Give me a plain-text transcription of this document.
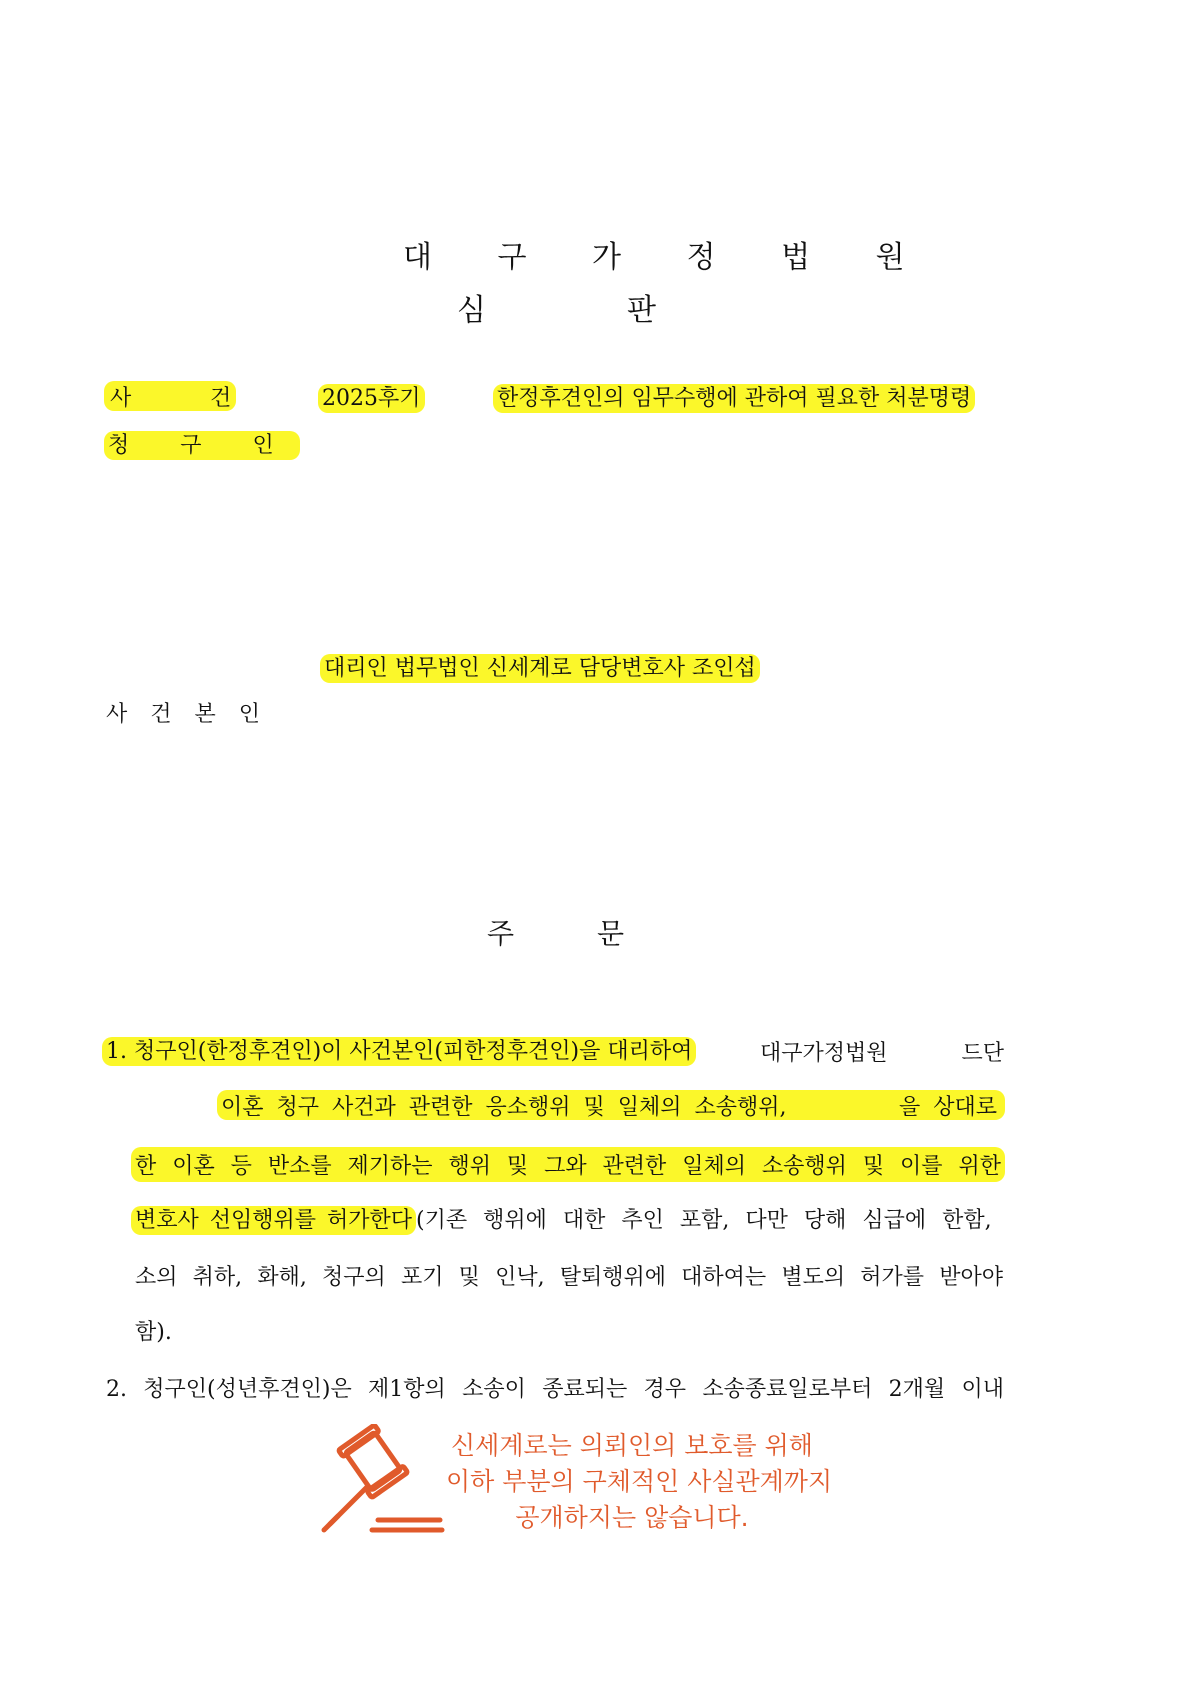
대 구 가 정 법 원
심	판
사	건	2025후기	한정후견인의 임무수행에 관하여 필요한 처분명령
청 구 인
대리인 법무법인 신세계로 담당변호사 조인섭
사 건 본 인
주	문
1. 청구인(한정후견인)이 사건본인(피한정후견인)을 대리하여	대구가정법원	드단
이혼 청구 사건과 관련한 응소행위 및 일체의 소송행위,	을 상대로
한 이혼 등 반소를 제기하는 행위 및 그와 관련한 일체의 소송행위 및 이를 위한
변호사 선임행위를 허가한다 (기존 행위에 대한 추인 포함, 다만 당해 심급에 한함,
소의 취하, 화해, 청구의 포기 및 인낙, 탈퇴행위에 대하여는 별도의 허가를 받아야
함).
2. 청구인(성년후견인)은 제1항의 소송이 종료되는 경우 소송종료일로부터 2개월 이내
신세계로는 의뢰인의 보호를 위해
이하 부분의 구체적인 사실관계까지
공개하지는 않습니다.
